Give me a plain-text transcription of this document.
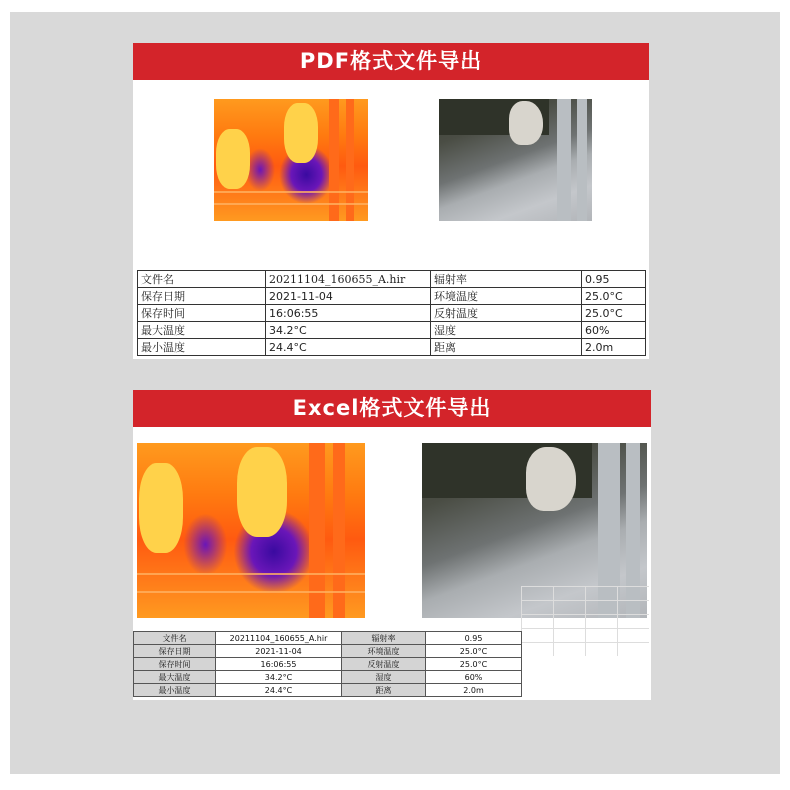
PDF格式文件导出
文件名	20211104_160655_A.hir	辐射率	0.95
保存日期	2021-11-04	环境温度	25.0°C
保存时间	16:06:55	反射温度	25.0°C
最大温度	34.2°C	湿度	60%
最小温度	24.4°C	距离	2.0m
Excel格式文件导出
文件名	20211104_160655_A.hir	辐射率	0.95
保存日期	2021-11-04	环境温度	25.0°C
保存时间	16:06:55	反射温度	25.0°C
最大温度	34.2°C	湿度	60%
最小温度	24.4°C	距离	2.0m
